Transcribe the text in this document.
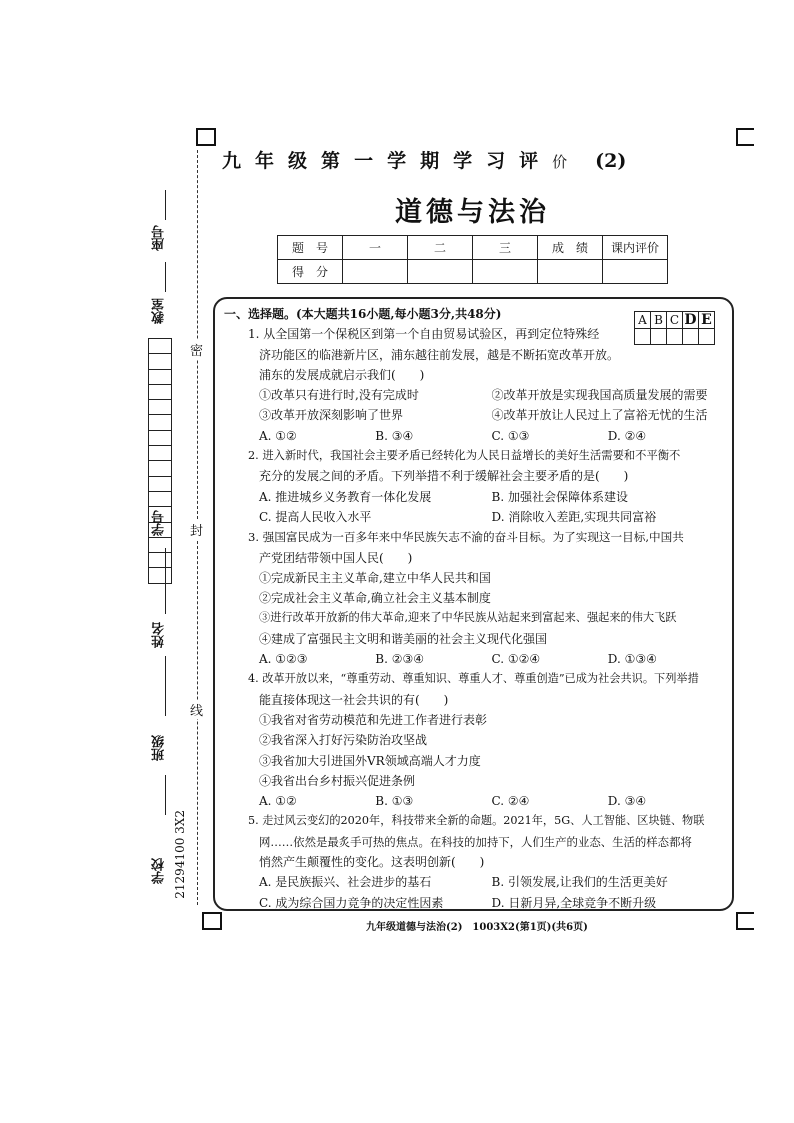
九 年 级 第 一 学 期 学 习 评 价 (2)
道德与法治
题　号	一	二	三	成　绩	课内评价
得　分					
座号
教室
学号
姓名
班级
21294100 3X2
学校
密
封
线
A	B	C	D	E

一、选择题。(本大题共16小题,每小题3分,共48分)

1. 从全国第一个保税区到第一个自由贸易试验区，再到定位特殊经

济功能区的临港新片区，浦东越往前发展，越是不断拓宽改革开放。

浦东的发展成就启示我们(　　)

①改革只有进行时,没有完成时	②改革开放是实现我国高质量发展的需要
③改革开放深刻影响了世界	④改革开放让人民过上了富裕无忧的生活
A. ①②	B. ③④	C. ①③	D. ②④

2. 进入新时代，我国社会主要矛盾已经转化为人民日益增长的美好生活需要和不平衡不

充分的发展之间的矛盾。下列举措不利于缓解社会主要矛盾的是(　　)

A. 推进城乡义务教育一体化发展	B. 加强社会保障体系建设
C. 提高人民收入水平	D. 消除收入差距,实现共同富裕

3. 强国富民成为一百多年来中华民族矢志不渝的奋斗目标。为了实现这一目标,中国共

产党团结带领中国人民(　　)

①完成新民主主义革命,建立中华人民共和国

②完成社会主义革命,确立社会主义基本制度

③进行改革开放新的伟大革命,迎来了中华民族从站起来到富起来、强起来的伟大飞跃

④建成了富强民主文明和谐美丽的社会主义现代化强国

A. ①②③	B. ②③④	C. ①②④	D. ①③④

4. 改革开放以来，“尊重劳动、尊重知识、尊重人才、尊重创造”已成为社会共识。下列举措

能直接体现这一社会共识的有(　　)

①我省对省劳动模范和先进工作者进行表彰

②我省深入打好污染防治攻坚战

③我省加大引进国外VR领域高端人才力度

④我省出台乡村振兴促进条例

A. ①②	B. ①③	C. ②④	D. ③④

5. 走过风云变幻的2020年，科技带来全新的命题。2021年，5G、人工智能、区块链、物联

网……依然是最炙手可热的焦点。在科技的加持下，人们生产的业态、生活的样态都将

悄然产生颠覆性的变化。这表明创新(　　)

A. 是民族振兴、社会进步的基石	B. 引领发展,让我们的生活更美好
C. 成为综合国力竞争的决定性因素	D. 日新月异,全球竞争不断升级
九年级道德与法治(2)　1003X2(第1页)(共6页)
